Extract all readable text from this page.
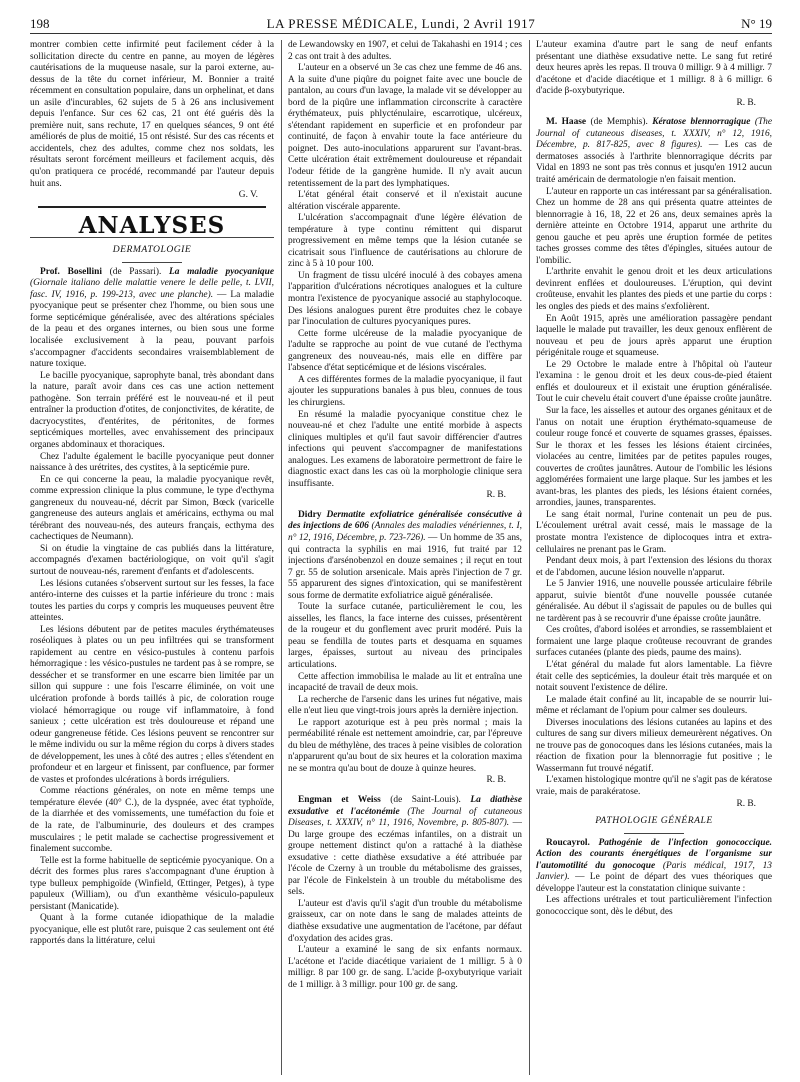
198	LA PRESSE MÉDICALE, Lundi, 2 Avril 1917	N° 19

montrer combien cette infirmité peut facilement céder à la sollicitation directe du centre en panne, au moyen de légères cautérisations de la muqueuse nasale, sur la paroi externe, au-dessus de la tête du cornet inférieur, M. Bonnier a traité récemment en consultation populaire, dans un orphelinat, et dans un asile d'incurables, 62 sujets de 5 à 26 ans inclusivement depuis l'enfance. Sur ces 62 cas, 21 ont été guéris dès la première nuit, sans rechute, 17 en quelques séances, 9 ont été améliorés de plus de moitié, 15 ont résisté. Sur des cas récents et accidentels, chez des adultes, comme chez nos soldats, les résultats seront forcément meilleurs et facilement acquis, dès qu'on pratiquera ce procédé, recommandé par l'auteur depuis huit ans.

G. V.
ANALYSES
DERMATOLOGIE

Prof. Bosellini (de Passari). La maladie pyocyanique (Giornale italiano delle malattie venere le delle pelle, t. LVII, fasc. IV, 1916, p. 199-213, avec une planche). — La maladie pyocyanique peut se présenter chez l'homme, ou bien sous une forme septicémique généralisée, avec des altérations spéciales de la peau et des organes internes, ou bien sous une forme localisée exclusivement à la peau, pouvant parfois s'accompagner d'accidents secondaires vraisemblablement de nature toxique.

Le bacille pyocyanique, saprophyte banal, très abondant dans la nature, paraît avoir dans ces cas une action nettement pathogène. Son terrain préféré est le nouveau-né et il peut entraîner la production d'otites, de conjonctivites, de kératite, de dacryocystites, d'entérites, de péritonites, de formes septicémiques mortelles, avec envahissement des principaux organes abdominaux et thoraciques.

Chez l'adulte également le bacille pyocyanique peut donner naissance à des urétrites, des cystites, à la septicémie pure.

En ce qui concerne la peau, la maladie pyocyanique revêt, comme expression clinique la plus commune, le type d'ecthyma gangreneux du nouveau-né, décrit par Simon, Bœck (varicelle gangreneuse des auteurs anglais et américains, ecthyma ou mal térébrant des nouveau-nés, des auteurs français, ecthyma des cachectiques de Neumann).

Si on étudie la vingtaine de cas publiés dans la littérature, accompagnés d'examen bactériologique, on voit qu'il s'agit surtout de nouveau-nés, rarement d'enfants et d'adolescents.

Les lésions cutanées s'observent surtout sur les fesses, la face antéro-interne des cuisses et la partie inférieure du tronc : mais toutes les parties du corps y compris les muqueuses peuvent être atteintes.

Les lésions débutent par de petites macules érythémateuses roséoliques à plates ou un peu infiltrées qui se transforment rapidement au centre en vésico-pustules à contenu parfois hémorragique : les vésico-pustules ne tardent pas à se rompre, se dessécher et se transformer en une escarre bien limitée par un sillon qui suppure : une fois l'escarre éliminée, on voit une ulcération profonde à bords taillés à pic, de coloration rouge violacé hémorragique ou rouge vif inflammatoire, à fond sanieux ; cette ulcération est très douloureuse et répand une odeur gangreneuse fétide. Ces lésions peuvent se rencontrer sur le même individu ou sur la même région du corps à divers stades de développement, les unes à côté des autres ; elles s'étendent en profondeur et en largeur et finissent, par confluence, par former de vastes et profondes ulcérations à bords irréguliers.

Comme réactions générales, on note en même temps une température élevée (40° C.), de la dyspnée, avec état typhoïde, de la diarrhée et des vomissements, une tuméfaction du foie et de la rate, de l'albuminurie, des douleurs et des crampes musculaires ; le petit malade se cachectise progressivement et finalement succombe.

Telle est la forme habituelle de septicémie pyocyanique. On a décrit des formes plus rares s'accompagnant d'une éruption à type bulleux pemphigoïde (Winfield, Œttinger, Petges), à type papuleux (William), ou d'un exanthème vésiculo-papuleux persistant (Manicatide).

Quant à la forme cutanée idiopathique de la maladie pyocyanique, elle est plutôt rare, puisque 2 cas seulement ont été rapportés dans la littérature, celui

de Lewandowsky en 1907, et celui de Takahashi en 1914 ; ces 2 cas ont trait à des adultes.

L'auteur en a observé un 3e cas chez une femme de 46 ans. A la suite d'une piqûre du poignet faite avec une boucle de pantalon, au cours d'un lavage, la malade vit se développer au bord de la piqûre une inflammation circonscrite à caractère érythémateux, puis phlycténulaire, escarrotique, ulcéreux, s'étendant rapidement en superficie et en profondeur par continuité, de façon à envahir toute la face antérieure du poignet. Des auto-inoculations apparurent sur l'avant-bras. Cette ulcération était extrêmement douloureuse et répandait l'odeur fétide de la gangrène humide. Il n'y avait aucun retentissement de la part des lymphatiques.

L'état général était conservé et il n'existait aucune altération viscérale apparente.

L'ulcération s'accompagnait d'une légère élévation de température à type continu rémittent qui disparut progressivement en même temps que la lésion cutanée se cicatrisait sous l'influence de cautérisations au chlorure de zinc à 5 à 10 pour 100.

Un fragment de tissu ulcéré inoculé à des cobayes amena l'apparition d'ulcérations nécrotiques analogues et la culture montra l'existence de pyocyanique associé au staphylocoque. Des lésions analogues purent être produites chez le cobaye par l'inoculation de cultures pyocyaniques pures.

Cette forme ulcéreuse de la maladie pyocyanique de l'adulte se rapproche au point de vue cutané de l'ecthyma gangreneux des nouveau-nés, mais elle en diffère par l'absence d'état septicémique et de lésions viscérales.

A ces différentes formes de la maladie pyocyanique, il faut ajouter les suppurations banales à pus bleu, connues de tous les chirurgiens.

En résumé la maladie pyocyanique constitue chez le nouveau-né et chez l'adulte une entité morbide à aspects cliniques multiples et qu'il faut savoir différencier d'autres infections qui peuvent s'accompagner de manifestations analogues. Les examens de laboratoire permettront de faire le diagnostic exact dans les cas où la morphologie clinique sera insuffisante.

R. B.

Didry Dermatite exfoliatrice généralisée consécutive à des injections de 606 (Annales des maladies vénériennes, t. I, n° 12, 1916, Décembre, p. 723-726). — Un homme de 35 ans, qui contracta la syphilis en mai 1916, fut traité par 12 injections d'arsénobenzol en douze semaines ; il reçut en tout 7 gr. 55 de solution arsenicale. Mais après l'injection de 7 gr. 55 apparurent des signes d'intoxication, qui se manifestèrent sous forme de dermatite exfoliatrice aiguë généralisée.

Toute la surface cutanée, particulièrement le cou, les aisselles, les flancs, la face interne des cuisses, présentèrent de la rougeur et du gonflement avec prurit modéré. Puis la peau se fendilla de toutes parts et desquama en squames larges, épaisses, surtout au niveau des principales articulations.

Cette affection immobilisa le malade au lit et entraîna une incapacité de travail de deux mois.

La recherche de l'arsenic dans les urines fut négative, mais elle n'eut lieu que vingt-trois jours après la dernière injection.

Le rapport azoturique est à peu près normal ; mais la perméabilité rénale est nettement amoindrie, car, par l'épreuve du bleu de méthylène, des traces à peine visibles de coloration n'apparurent qu'au bout de six heures et la coloration maxima ne se montra qu'au bout de douze à quinze heures.

R. B.

Engman et Weiss (de Saint-Louis). La diathèse exsudative et l'acétonémie (The Journal of cutaneous Diseases, t. XXXIV, n° 11, 1916, Novembre, p. 805-807). — Du large groupe des eczémas infantiles, on a distrait un groupe nettement distinct qu'on a rattaché à la diathèse exsudative : cette diathèse exsudative a été attribuée par l'école de Czerny à un trouble du métabolisme des graisses, par l'école de Finkelstein à un trouble du métabolisme des sels.

L'auteur est d'avis qu'il s'agit d'un trouble du métabolisme graisseux, car on note dans le sang de malades atteints de diathèse exsudative une augmentation de l'acétone, par défaut d'oxydation des acides gras.

L'auteur a examiné le sang de six enfants normaux. L'acétone et l'acide diacétique variaient de 1 milligr. 5 à 0 milligr. 8 par 100 gr. de sang. L'acide β-oxybutyrique variait de 1 milligr. à 3 milligr. pour 100 gr. de sang.

L'auteur examina d'autre part le sang de neuf enfants présentant une diathèse exsudative nette. Le sang fut retiré deux heures après les repas. Il trouva 0 milligr. 9 à 4 milligr. 7 d'acétone et d'acide diacétique et 1 milligr. 8 à 6 milligr. 6 d'acide β-oxybutyrique.

R. B.

M. Haase (de Memphis). Kératose blennorragique (The Journal of cutaneous diseases, t. XXXIV, n° 12, 1916, Décembre, p. 817-825, avec 8 figures). — Les cas de dermatoses associés à l'arthrite blennorragique décrits par Vidal en 1893 ne sont pas très connus et jusqu'en 1912 aucun traité américain de dermatologie n'en faisait mention.

L'auteur en rapporte un cas intéressant par sa généralisation. Chez un homme de 28 ans qui présenta quatre atteintes de blennorragie à 16, 18, 22 et 26 ans, deux semaines après la dernière atteinte en Octobre 1914, apparut une arthrite du genou gauche et peu après une éruption formée de petites taches grosses comme des têtes d'épingles, situées autour de l'ombilic.

L'arthrite envahit le genou droit et les deux articulations devinrent enflées et douloureuses. L'éruption, qui devint croûteuse, envahit les plantes des pieds et une partie du corps : les ongles des pieds et des mains s'exfolièrent.

En Août 1915, après une amélioration passagère pendant laquelle le malade put travailler, les deux genoux enflèrent de nouveau et peu de jours après apparut une éruption périgénitale rouge et squameuse.

Le 29 Octobre le malade entre à l'hôpital où l'auteur l'examina : le genou droit et les deux cous-de-pied étaient enflés et douloureux et il existait une éruption généralisée. Tout le cuir chevelu était couvert d'une épaisse croûte jaunâtre.

Sur la face, les aisselles et autour des organes génitaux et de l'anus on notait une éruption érythémato-squameuse de couleur rouge foncé et couverte de squames grasses, épaisses. Sur le thorax et les fesses les lésions étaient circinées, violacées au centre, limitées par de petites papules rouges, couvertes de croûtes jaunâtres. Autour de l'ombilic les lésions agglomérées formaient une large plaque. Sur les jambes et les avant-bras, les plantes des pieds, les lésions étaient cornées, arrondies, jaunes, transparentes.

Le sang était normal, l'urine contenait un peu de pus. L'écoulement urétral avait cessé, mais le massage de la prostate montra l'existence de diplocoques intra et extra-cellulaires ne prenant pas le Gram.

Pendant deux mois, à part l'extension des lésions du thorax et de l'abdomen, aucune lésion nouvelle n'apparut.

Le 5 Janvier 1916, une nouvelle poussée articulaire fébrile apparut, suivie bientôt d'une nouvelle poussée cutanée généralisée. Au début il s'agissait de papules ou de bulles qui ne tardèrent pas à se recouvrir d'une épaisse croûte jaunâtre.

Ces croûtes, d'abord isolées et arrondies, se rassemblaient et formaient une large plaque croûteuse recouvrant de grandes surfaces cutanées (plante des pieds, paume des mains).

L'état général du malade fut alors lamentable. La fièvre était celle des septicémies, la douleur était très marquée et on notait souvent l'existence de délire.

Le malade était confiné au lit, incapable de se nourrir lui-même et réclamant de l'opium pour calmer ses douleurs.

Diverses inoculations des lésions cutanées au lapins et des cultures de sang sur divers milieux demeurèrent négatives. On ne trouve pas de gonocoques dans les lésions cutanées, mais la réaction de fixation pour la blennorragie fut positive ; le Wassermann fut trouvé négatif.

L'examen histologique montre qu'il ne s'agit pas de kératose vraie, mais de parakératose.

R. B.
PATHOLOGIE GÉNÉRALE

Roucayrol. Pathogénie de l'infection gonococcique. Action des courants énergétiques de l'organisme sur l'automotilité du gonocoque (Paris médical, 1917, 13 Janvier). — Le point de départ des vues théoriques que développe l'auteur est la constatation clinique suivante :

Les affections urétrales et tout particulièrement l'infection gonococcique sont, dès le début, des
